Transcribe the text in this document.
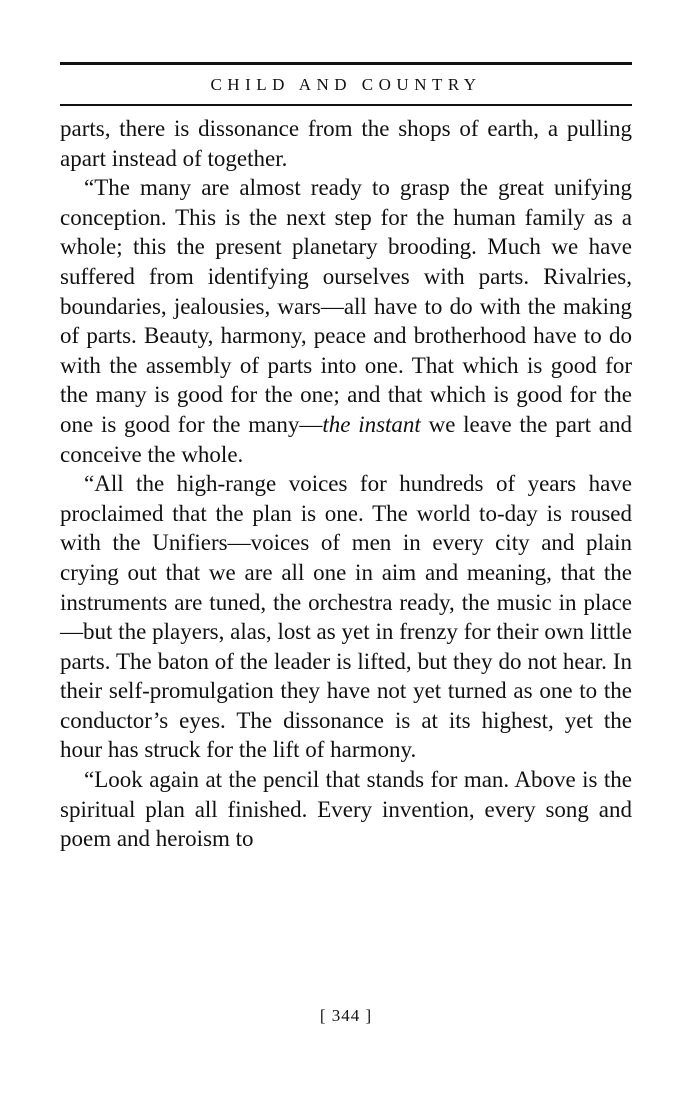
CHILD AND COUNTRY

parts, there is dissonance from the shops of earth, a pulling apart instead of together.

“The many are almost ready to grasp the great unifying conception. This is the next step for the human family as a whole; this the present planetary brooding. Much we have suffered from identifying ourselves with parts. Rivalries, boundaries, jealousies, wars—all have to do with the making of parts. Beauty, harmony, peace and brotherhood have to do with the assembly of parts into one. That which is good for the many is good for the one; and that which is good for the one is good for the many—the instant we leave the part and conceive the whole.

“All the high-range voices for hundreds of years have proclaimed that the plan is one. The world to-day is roused with the Unifiers—voices of men in every city and plain crying out that we are all one in aim and meaning, that the instruments are tuned, the orchestra ready, the music in place—but the players, alas, lost as yet in frenzy for their own little parts. The baton of the leader is lifted, but they do not hear. In their self-promulgation they have not yet turned as one to the conductor’s eyes. The dissonance is at its highest, yet the hour has struck for the lift of harmony.

“Look again at the pencil that stands for man. Above is the spiritual plan all finished. Every invention, every song and poem and heroism to

[ 344 ]
